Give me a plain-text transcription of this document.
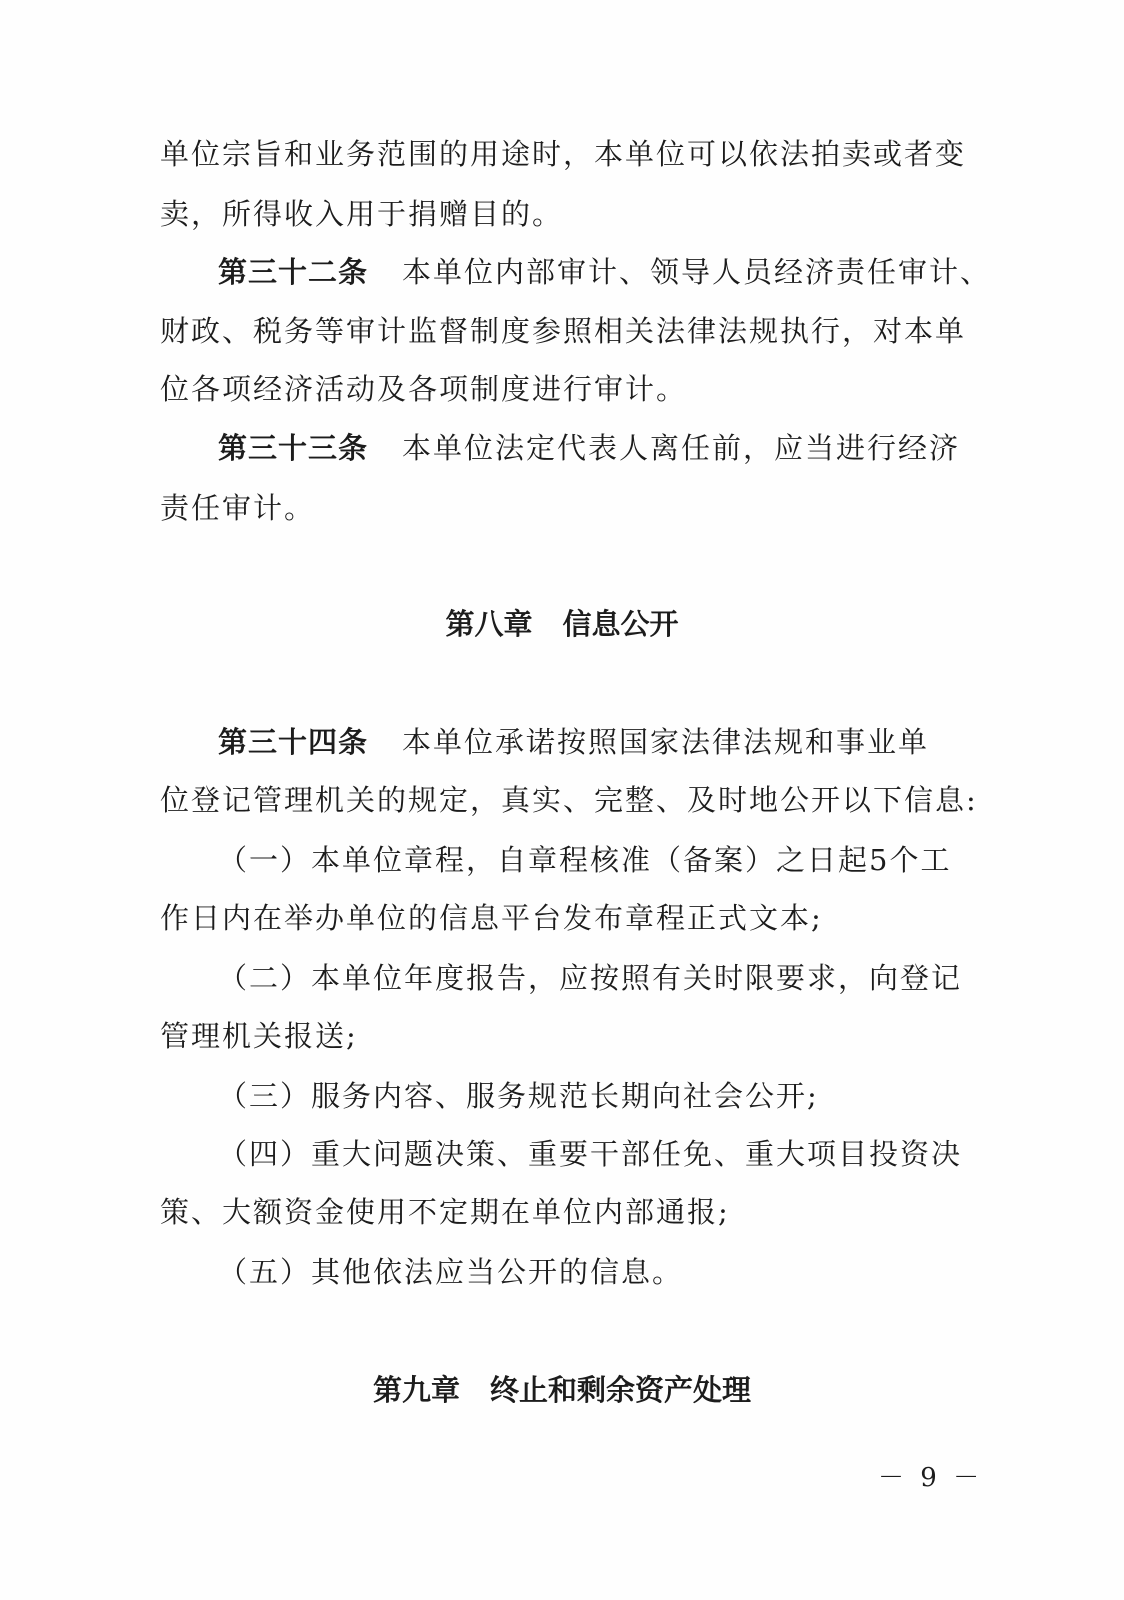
单位宗旨和业务范围的用途时，本单位可以依法拍卖或者变
卖，所得收入用于捐赠目的。
第三十二条 本单位内部审计、领导人员经济责任审计、
财政、税务等审计监督制度参照相关法律法规执行，对本单
位各项经济活动及各项制度进行审计。
第三十三条 本单位法定代表人离任前，应当进行经济
责任审计。
第八章 信息公开
第三十四条 本单位承诺按照国家法律法规和事业单
位登记管理机关的规定，真实、完整、及时地公开以下信息:
（一）本单位章程，自章程核准（备案）之日起5个工
作日内在举办单位的信息平台发布章程正式文本;
（二）本单位年度报告，应按照有关时限要求，向登记
管理机关报送;
（三）服务内容、服务规范长期向社会公开;
（四）重大问题决策、重要干部任免、重大项目投资决
策、大额资金使用不定期在单位内部通报;
（五）其他依法应当公开的信息。
第九章 终止和剩余资产处理
－ 9 －
